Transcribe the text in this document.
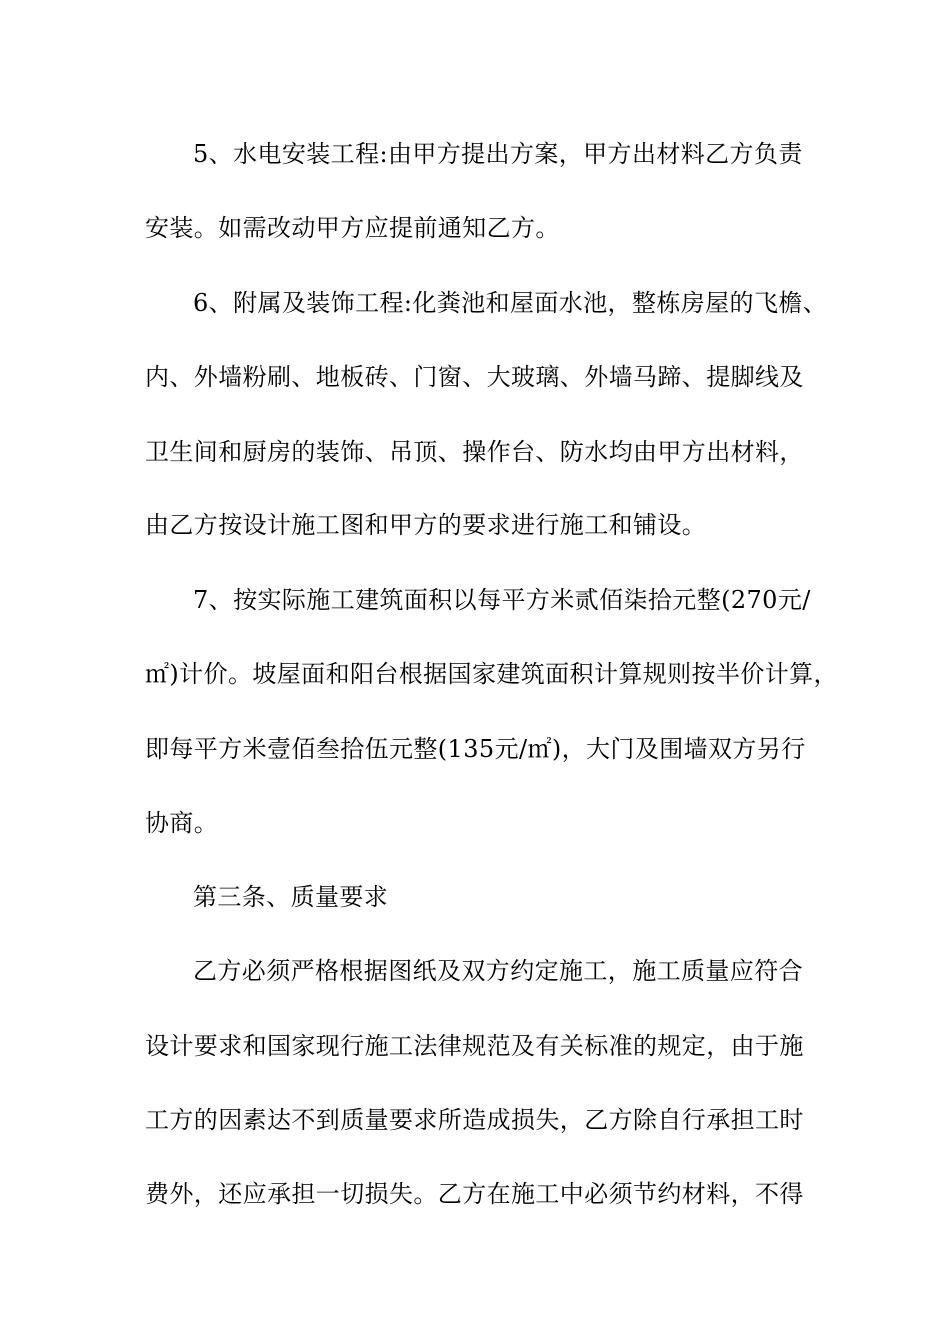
5、水电安装工程:由甲方提出方案，甲方出材料乙方负责
安装。如需改动甲方应提前通知乙方。
6、附属及装饰工程:化粪池和屋面水池，整栋房屋的飞檐、
内、外墙粉刷、地板砖、门窗、大玻璃、外墙马蹄、提脚线及
卫生间和厨房的装饰、吊顶、操作台、防水均由甲方出材料，
由乙方按设计施工图和甲方的要求进行施工和铺设。
7、按实际施工建筑面积以每平方米贰佰柒拾元整(270元/
㎡)计价。坡屋面和阳台根据国家建筑面积计算规则按半价计算，
即每平方米壹佰叁拾伍元整(135元/㎡)，大门及围墙双方另行
协商。
第三条、质量要求
乙方必须严格根据图纸及双方约定施工，施工质量应符合
设计要求和国家现行施工法律规范及有关标准的规定，由于施
工方的因素达不到质量要求所造成损失，乙方除自行承担工时
费外，还应承担一切损失。乙方在施工中必须节约材料，不得
